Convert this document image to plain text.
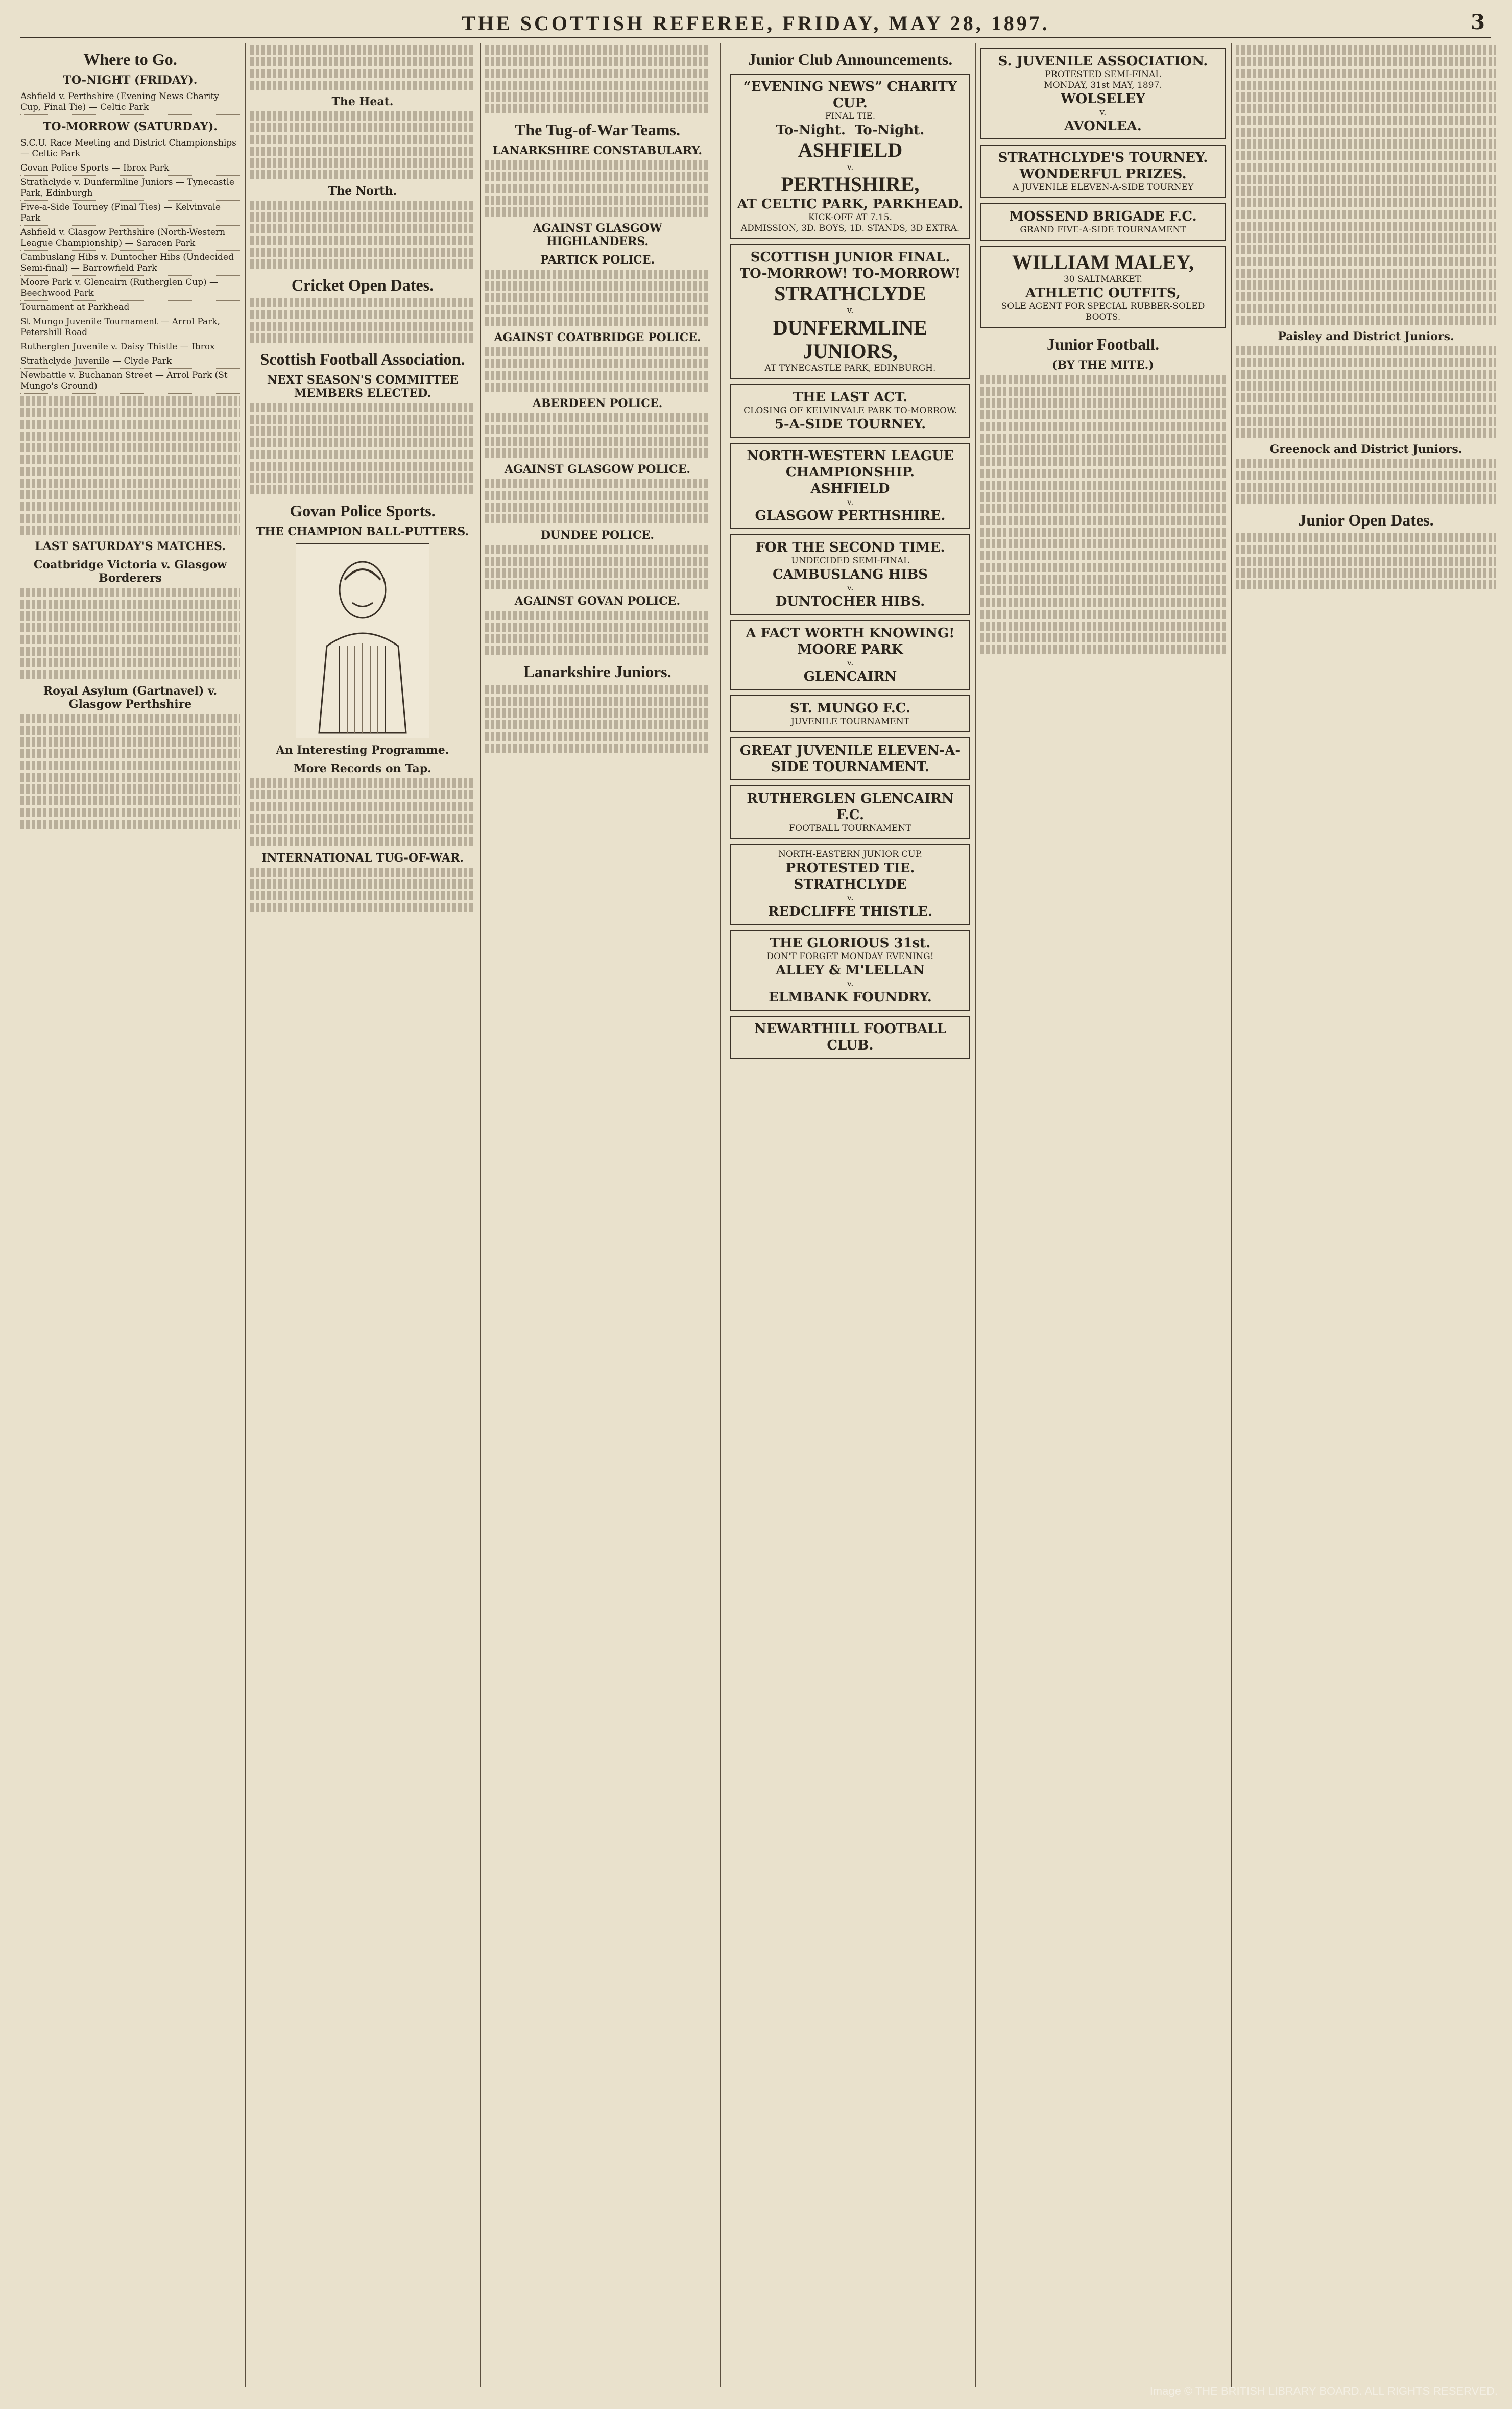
THE SCOTTISH REFEREE, FRIDAY, MAY 28, 1897.	3
Where to Go.
TO-NIGHT (FRIDAY).
Ashfield v. Perthshire (Evening News Charity Cup, Final Tie) — Celtic Park
TO-MORROW (SATURDAY).
S.C.U. Race Meeting and District Championships — Celtic Park
Govan Police Sports — Ibrox Park
Strathclyde v. Dunfermline Juniors — Tynecastle Park, Edinburgh
Five-a-Side Tourney (Final Ties) — Kelvinvale Park
Ashfield v. Glasgow Perthshire (North-Western League Championship) — Saracen Park
Cambuslang Hibs v. Duntocher Hibs (Undecided Semi-final) — Barrowfield Park
Moore Park v. Glencairn (Rutherglen Cup) — Beechwood Park
Tournament at Parkhead
St Mungo Juvenile Tournament — Arrol Park, Petershill Road
Rutherglen Juvenile v. Daisy Thistle — Ibrox
Strathclyde Juvenile — Clyde Park
Newbattle v. Buchanan Street — Arrol Park (St Mungo's Ground)
LAST SATURDAY'S MATCHES.
Coatbridge Victoria v. Glasgow Borderers
Royal Asylum (Gartnavel) v. Glasgow Perthshire
The Heat.
The North.
Cricket Open Dates.
Scottish Football Association.
NEXT SEASON'S COMMITTEE MEMBERS ELECTED.
Govan Police Sports.
THE CHAMPION BALL-PUTTERS.
An Interesting Programme.
More Records on Tap.
INTERNATIONAL TUG-OF-WAR.
The Tug-of-War Teams.
LANARKSHIRE CONSTABULARY.
AGAINST GLASGOW HIGHLANDERS.
PARTICK POLICE.
AGAINST COATBRIDGE POLICE.
ABERDEEN POLICE.
AGAINST GLASGOW POLICE.
DUNDEE POLICE.
AGAINST GOVAN POLICE.
Lanarkshire Juniors.
Junior Club Announcements.
“EVENING NEWS” CHARITY CUP.
FINAL TIE.
To-Night. To-Night.
ASHFIELD
v.
PERTHSHIRE,
AT CELTIC PARK, PARKHEAD.
KICK-OFF AT 7.15.
ADMISSION, 3D. BOYS, 1D. STANDS, 3D EXTRA.
SCOTTISH JUNIOR FINAL.
TO-MORROW! TO-MORROW!
STRATHCLYDE
v.
DUNFERMLINE JUNIORS,
AT TYNECASTLE PARK, EDINBURGH.
THE LAST ACT.
CLOSING OF KELVINVALE PARK TO-MORROW.
5-A-SIDE TOURNEY.
NORTH-WESTERN LEAGUE CHAMPIONSHIP.
ASHFIELD
v.
GLASGOW PERTHSHIRE.
FOR THE SECOND TIME.
UNDECIDED SEMI-FINAL
CAMBUSLANG HIBS
v.
DUNTOCHER HIBS.
A FACT WORTH KNOWING!
MOORE PARK
v.
GLENCAIRN
ST. MUNGO F.C.
JUVENILE TOURNAMENT
GREAT JUVENILE ELEVEN-A-SIDE TOURNAMENT.
RUTHERGLEN GLENCAIRN F.C.
FOOTBALL TOURNAMENT
NORTH-EASTERN JUNIOR CUP.
PROTESTED TIE.
STRATHCLYDE
v.
REDCLIFFE THISTLE.
THE GLORIOUS 31st.
DON'T FORGET MONDAY EVENING!
ALLEY & M'LELLAN
v.
ELMBANK FOUNDRY.
NEWARTHILL FOOTBALL CLUB.
S. JUVENILE ASSOCIATION.
PROTESTED SEMI-FINAL
MONDAY, 31st MAY, 1897.
WOLSELEY
v.
AVONLEA.
STRATHCLYDE'S TOURNEY.
WONDERFUL PRIZES.
A JUVENILE ELEVEN-A-SIDE TOURNEY
MOSSEND BRIGADE F.C.
GRAND FIVE-A-SIDE TOURNAMENT
WILLIAM MALEY,
30 SALTMARKET.
ATHLETIC OUTFITS,
SOLE AGENT FOR SPECIAL RUBBER-SOLED BOOTS.
Junior Football.
(BY THE MITE.)
Paisley and District Juniors.
Greenock and District Juniors.
Junior Open Dates.
Image © THE BRITISH LIBRARY BOARD. ALL RIGHTS RESERVED.
